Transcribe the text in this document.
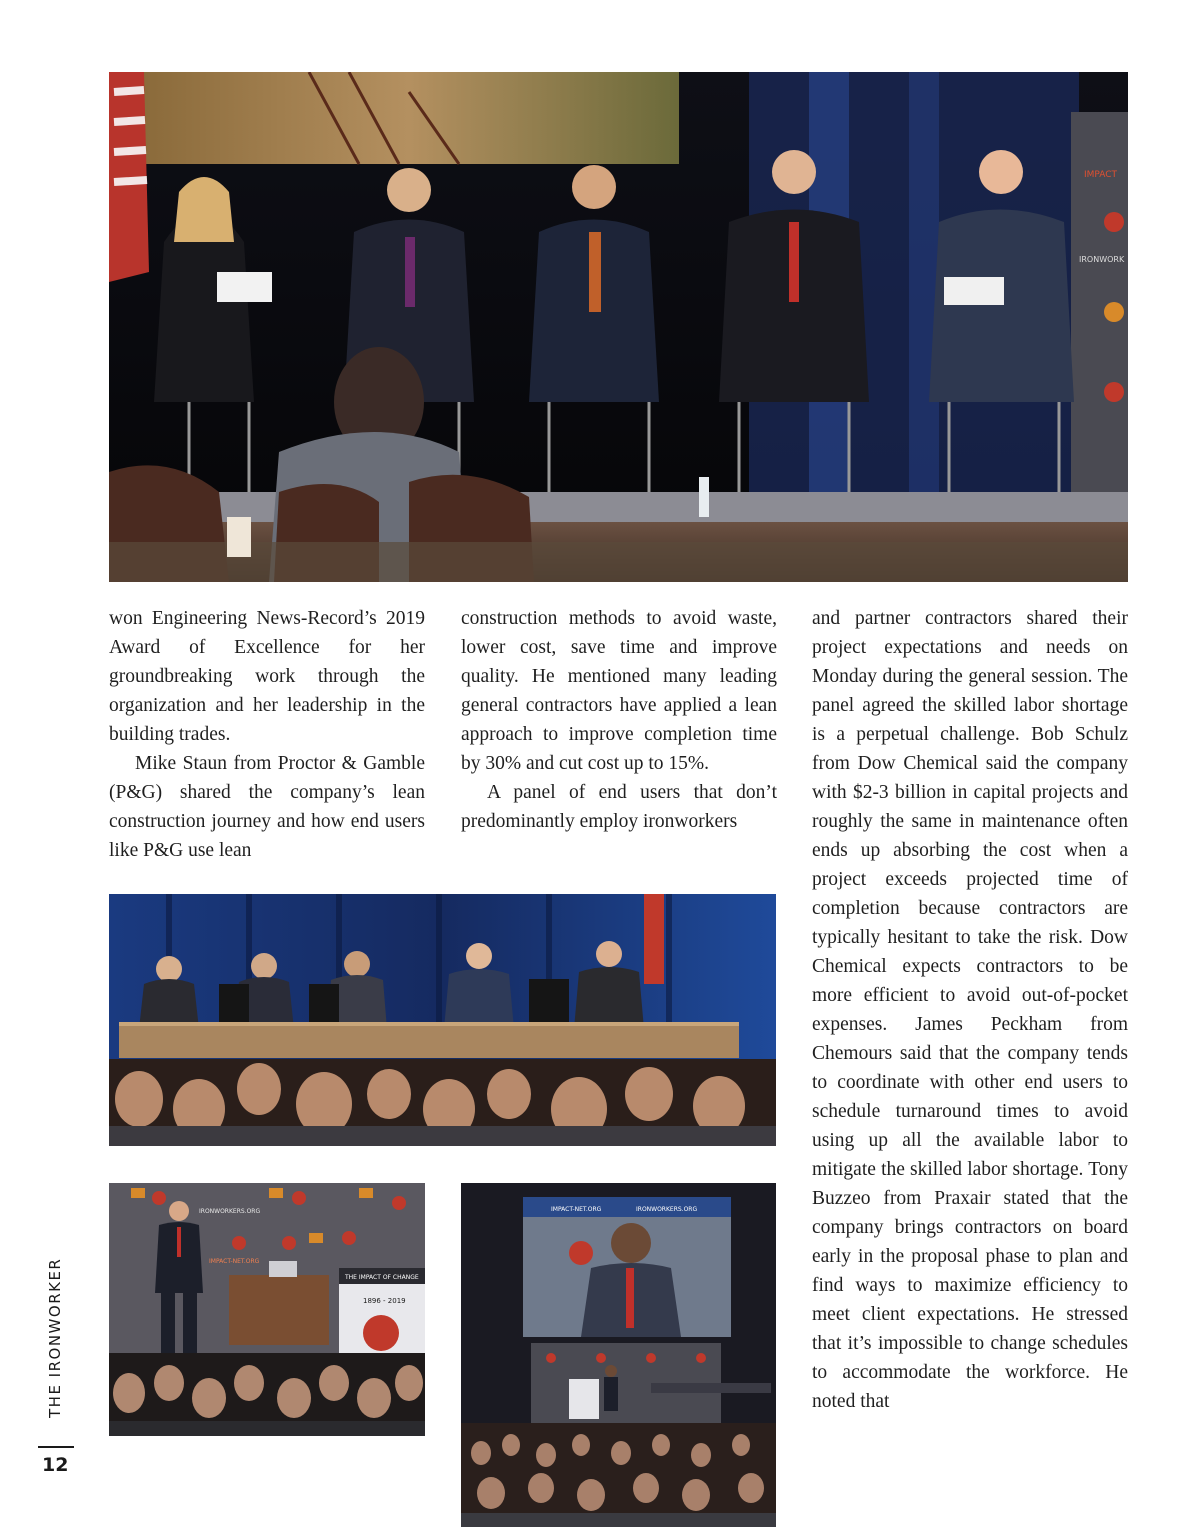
IMPACT
IRONWORK

won Engineering News-Record’s 2019 Award of Excellence for her groundbreaking work through the organization and her leadership in the building trades.

Mike Staun from Proctor & Gamble (P&G) shared the company’s lean construction journey and how end users like P&G use lean

construction methods to avoid waste, lower cost, save time and improve quality. He mentioned many leading general contractors have applied a lean approach to improve completion time by 30% and cut cost up to 15%.

A panel of end users that don’t predominantly employ ironworkers

and partner contractors shared their project expectations and needs on Monday during the general session. The panel agreed the skilled labor shortage is a perpetual challenge. Bob Schulz from Dow Chemical said the company with $2-3 billion in capital projects and roughly the same in maintenance often ends up absorbing the cost when a project exceeds projected time of completion because contractors are typically hesitant to take the risk. Dow Chemical expects contractors to be more efficient to avoid out-of-pocket expenses. James Peckham from Chemours said that the company tends to coordinate with other end users to schedule turnaround times to avoid using up all the available labor to mitigate the skilled labor shortage. Tony Buzzeo from Praxair stated that the company brings contractors on board early in the proposal phase to plan and find ways to maximize efficiency to meet client expectations. He stressed that it’s impossible to change schedules to accommodate the workforce. He noted that

IRONWORKERS.ORG
IMPACT-NET.ORG
THE IMPACT OF CHANGE
1896 - 2019
IMPACT-NET.ORG	IRONWORKERS.ORG
THE IRONWORKER
12
